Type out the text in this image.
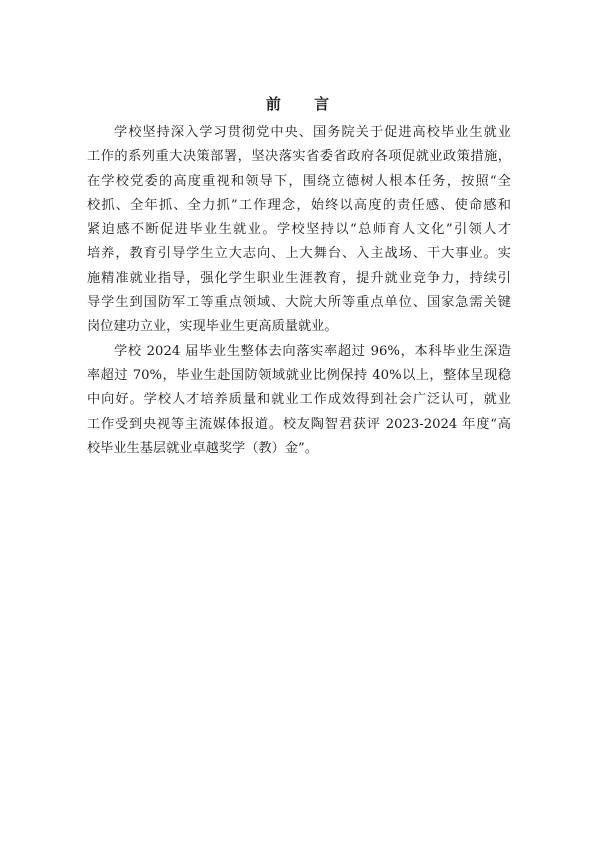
前 言
学校坚持深入学习贯彻党中央、国务院关于促进高校毕业生就业
工作的系列重大决策部署，坚决落实省委省政府各项促就业政策措施，
在学校党委的高度重视和领导下，围绕立德树人根本任务，按照“全
校抓、全年抓、全力抓”工作理念，始终以高度的责任感、使命感和
紧迫感不断促进毕业生就业。学校坚持以“总师育人文化”引领人才
培养，教育引导学生立大志向、上大舞台、入主战场、干大事业。实
施精准就业指导，强化学生职业生涯教育，提升就业竞争力，持续引
导学生到国防军工等重点领域、大院大所等重点单位、国家急需关键
岗位建功立业，实现毕业生更高质量就业。
学校 2024 届毕业生整体去向落实率超过 96%，本科毕业生深造
率超过 70%，毕业生赴国防领域就业比例保持 40%以上，整体呈现稳
中向好。学校人才培养质量和就业工作成效得到社会广泛认可，就业
工作受到央视等主流媒体报道。校友陶智君获评 2023-2024 年度“高
校毕业生基层就业卓越奖学（教）金”。
